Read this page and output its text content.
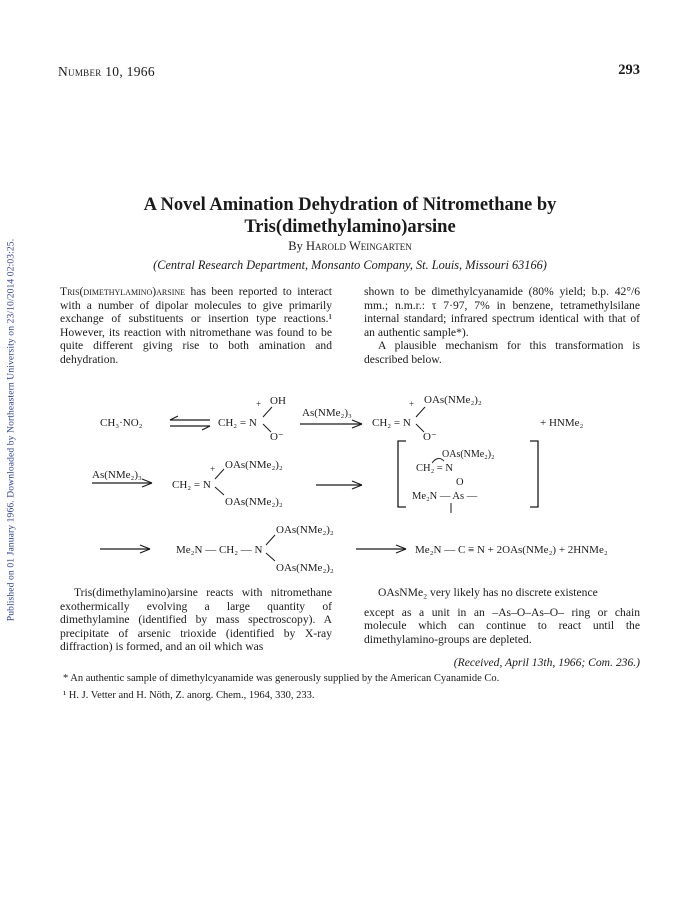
Published on 01 January 1966. Downloaded by Northeastern University on 23/10/2014 02:03:25.
Number 10, 1966	293
A Novel Amination Dehydration of Nitromethane by
Tris(dimethylamino)arsine
By Harold Weingarten
(Central Research Department, Monsanto Company, St. Louis, Missouri 63166)

Tris(dimethylamino)arsine has been reported to interact with a number of dipolar molecules to give primarily exchange of substituents or insertion type reactions.¹ However, its reaction with nitromethane was found to be quite different giving rise to both amination and dehydration.

shown to be dimethylcyanamide (80% yield; b.p. 42°/6 mm.; n.m.r.: τ 7·97, 7% in benzene, tetramethylsilane internal standard; infrared spectrum identical with that of an authentic sample*).

A plausible mechanism for this transformation is described below.

CH₃·NO₂
+ OH
CH₂ = N
O⁻
As(NMe₂)₃
OAs(NMe₂)₂
+
CH₂ = N
O⁻
+ HNMe₂
As(NMe₂)₃
OAs(NMe₂)₂
+
CH₂ = N
OAs(NMe₂)₂
OAs(NMe₂)₂
CH₂ = N
O
Me₂N — As —
OAs(NMe₂)₂
Me₂N — CH₂ — N
OAs(NMe₂)₂
Me₂N — C ≡ N + 2OAs(NMe₂) + 2HNMe₂

Tris(dimethylamino)arsine reacts with nitromethane exothermically evolving a large quantity of dimethylamine (identified by mass spectroscopy). A precipitate of arsenic trioxide (identified by X-ray diffraction) is formed, and an oil which was

OAsNMe₂ very likely has no discrete existence

except as a unit in an –As–O–As–O– ring or chain molecule which can continue to react until the dimethylamino-groups are depleted.

(Received, April 13th, 1966; Com. 236.)
* An authentic sample of dimethylcyanamide was generously supplied by the American Cyanamide Co.
¹ H. J. Vetter and H. Nöth, Z. anorg. Chem., 1964, 330, 233.
